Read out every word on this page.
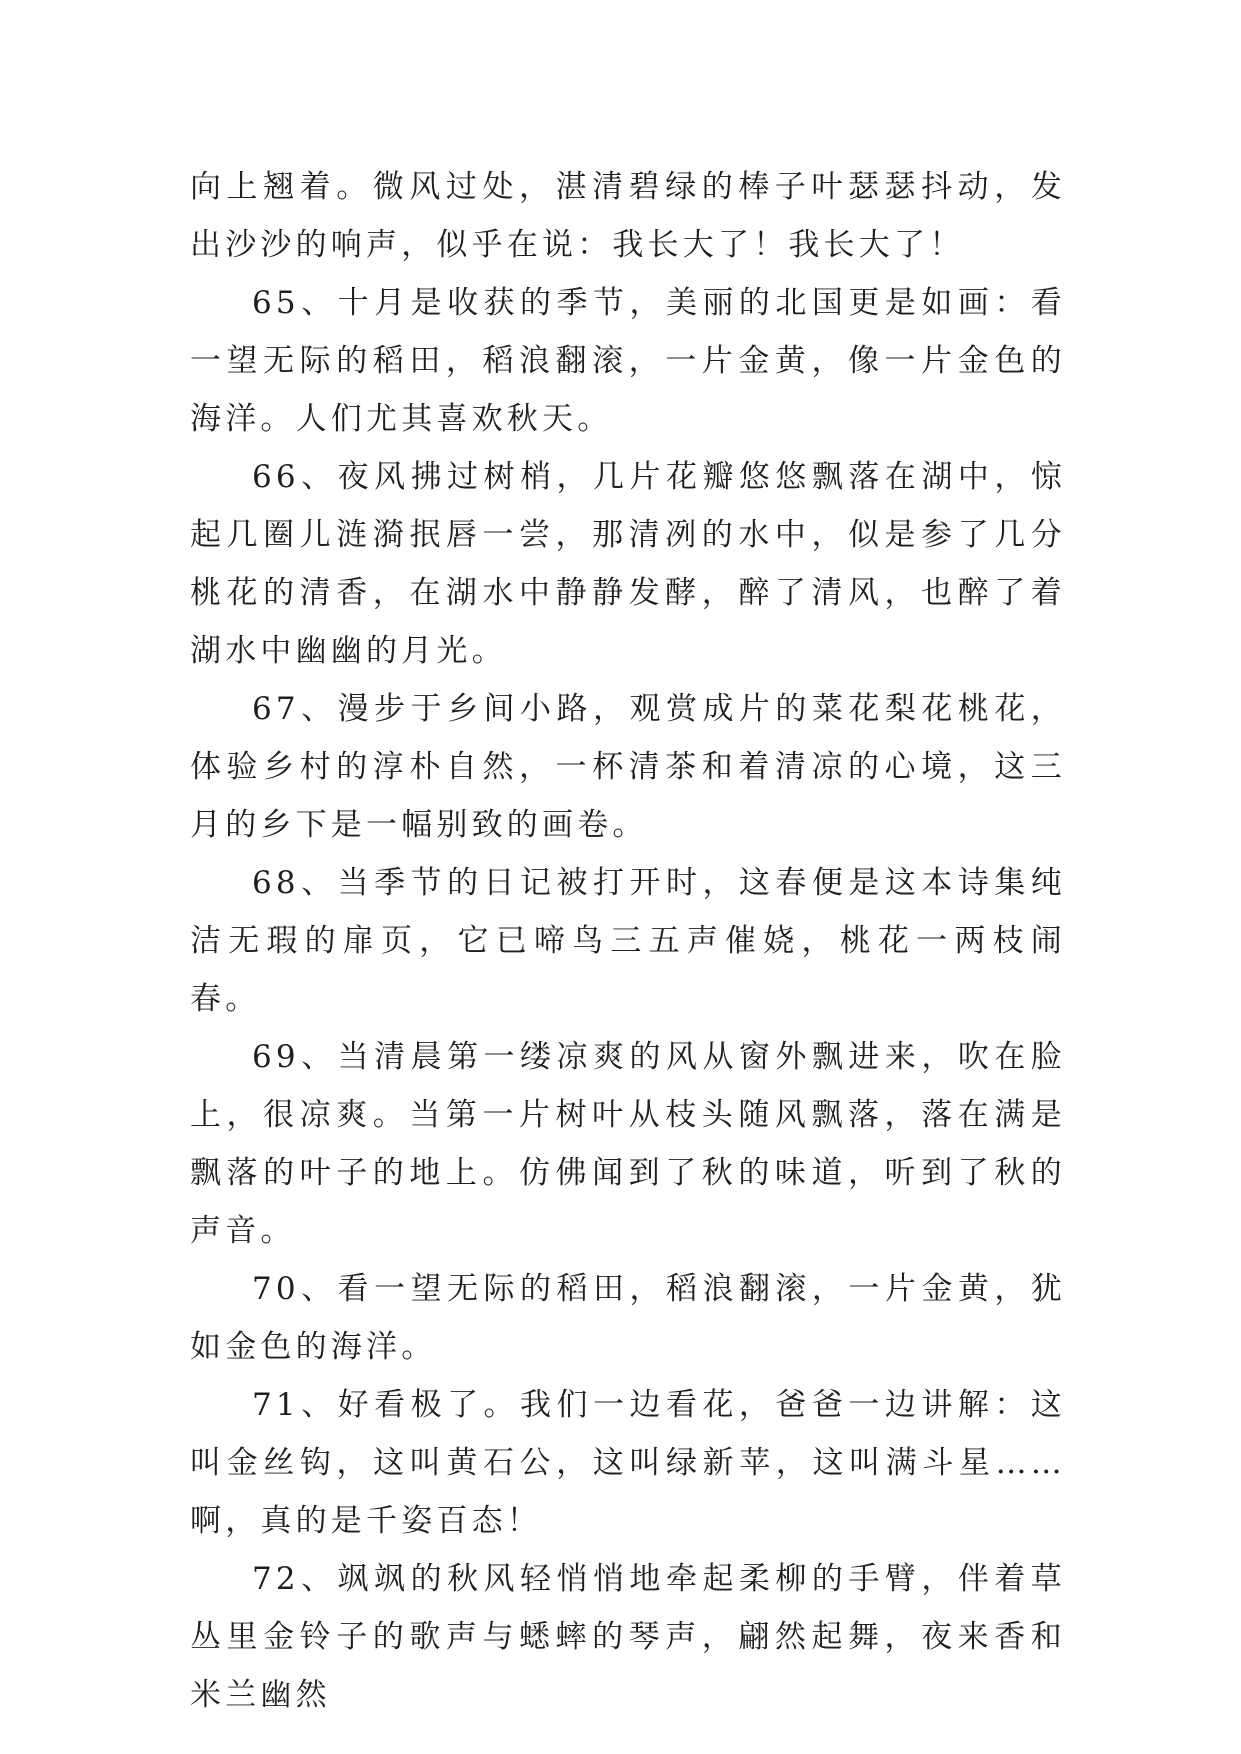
向上翘着。微风过处，湛清碧绿的棒子叶瑟瑟抖动，发出沙沙的响声，似乎在说：我长大了！我长大了！

65、十月是收获的季节，美丽的北国更是如画：看一望无际的稻田，稻浪翻滚，一片金黄，像一片金色的海洋。人们尤其喜欢秋天。

66、夜风拂过树梢，几片花瓣悠悠飘落在湖中，惊起几圈儿涟漪抿唇一尝，那清冽的水中，似是参了几分桃花的清香，在湖水中静静发酵，醉了清风，也醉了着湖水中幽幽的月光。

67、漫步于乡间小路，观赏成片的菜花梨花桃花，体验乡村的淳朴自然，一杯清茶和着清凉的心境，这三月的乡下是一幅别致的画卷。

68、当季节的日记被打开时，这春便是这本诗集纯洁无瑕的扉页，它已啼鸟三五声催娆，桃花一两枝闹春。

69、当清晨第一缕凉爽的风从窗外飘进来，吹在脸上，很凉爽。当第一片树叶从枝头随风飘落，落在满是飘落的叶子的地上。仿佛闻到了秋的味道，听到了秋的声音。

70、看一望无际的稻田，稻浪翻滚，一片金黄，犹如金色的海洋。

71、好看极了。我们一边看花，爸爸一边讲解：这叫金丝钩，这叫黄石公，这叫绿新苹，这叫满斗星……啊，真的是千姿百态！

72、飒飒的秋风轻悄悄地牵起柔柳的手臂，伴着草丛里金铃子的歌声与蟋蟀的琴声，翩然起舞，夜来香和米兰幽然
